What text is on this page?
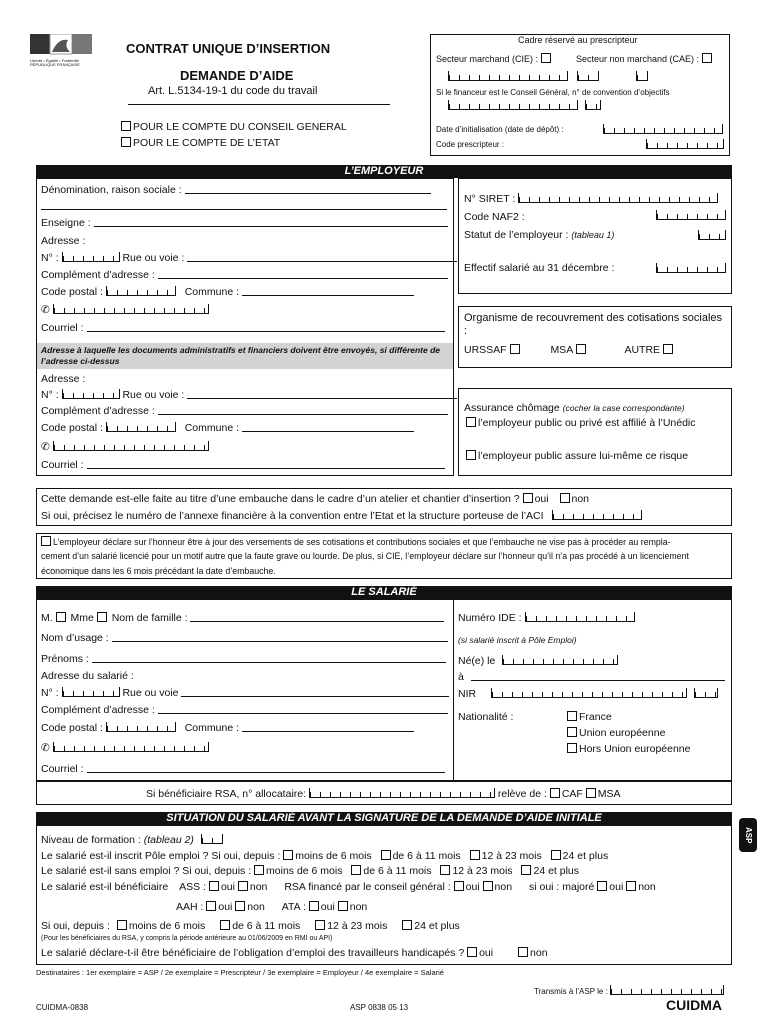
Liberté • Égalité • Fraternité RÉPUBLIQUE FRANÇAISE
CONTRAT UNIQUE D’INSERTION
DEMANDE D’AIDE
Art. L.5134-19-1 du code du travail
POUR LE COMPTE DU CONSEIL GENERAL
POUR LE COMPTE DE L’ETAT
Cadre réservé au prescripteur
Secteur marchand (CIE) :	Secteur non marchand (CAE) :

Si le financeur est le Conseil Général, n° de convention d’objectifs

Date d’initialisation (date de dépôt) :
Code prescripteur :
L’EMPLOYEUR
Dénomination, raison sociale :
Enseigne :
Adresse :
N° :	Rue ou voie :
Complément d’adresse :
Code postal :	Commune :
✆
Courriel :
Adresse à laquelle les documents administratifs et financiers doivent être envoyés, si différente de l’adresse ci-dessus
Adresse :
N° :	Rue ou voie :
Complément d’adresse :
Code postal :	Commune :
✆
Courriel :
N° SIRET :
Code NAF2 :
Statut de l’employeur : (tableau 1)
Effectif salarié au 31 décembre :
Organisme de recouvrement des cotisations sociales :
URSSAF	MSA	AUTRE
Assurance chômage (cocher la case correspondante)
l’employeur public ou privé est affilié à l’Unédic
l’employeur public assure lui-même ce risque
Cette demande est-elle faite au titre d’une embauche dans le cadre d’un atelier et chantier d’insertion ? oui non
Si oui, précisez le numéro de l’annexe financière à la convention entre l’Etat et la structure porteuse de l’ACI
L’employeur déclare sur l’honneur être à jour des versements de ses cotisations et contributions sociales et que l’embauche ne vise pas à procéder au rempla-
cement d’un salarié licencié pour un motif autre que la faute grave ou lourde. De plus, si CIE, l’employeur déclare sur l’honneur qu’il n’a pas procédé à un licenciement
économique dans les 6 mois précédant la date d’embauche.
LE SALARIÉ
M. Mme Nom de famille :
Nom d’usage :
Prénoms :
Adresse du salarié :
N° :	Rue ou voie
Complément d’adresse :
Code postal :	Commune :
✆
Courriel :
Numéro IDE :
(si salarié inscrit à Pôle Emploi)
Né(e) le
à
NIR
Nationalité :	France
Union européenne
Hors Union européenne
Si bénéficiaire RSA, n° allocataire:	relève de : CAF MSA
SITUATION DU SALARIÉ AVANT LA SIGNATURE DE LA DEMANDE D’AIDE INITIALE
Niveau de formation : (tableau 2)
Le salarié est-il inscrit Pôle emploi ? Si oui, depuis : moins de 6 mois de 6 à 11 mois 12 à 23 mois 24 et plus
Le salarié est-il sans emploi ? Si oui, depuis : moins de 6 mois de 6 à 11 mois 12 à 23 mois 24 et plus
Le salarié est-il bénéficiaire ASS : oui non RSA financé par le conseil général : oui non si oui : majoré oui non
AAH : oui non ATA : oui non
Si oui, depuis : moins de 6 mois	de 6 à 11 mois	12 à 23 mois	24 et plus
(Pour les bénéficiaires du RSA, y compris la période antérieure au 01/06/2009 en RMI ou API)
Le salarié déclare-t-il être bénéficiaire de l’obligation d’emploi des travailleurs handicapés ? oui	non
ASP
Destinataires : 1er exemplaire = ASP / 2e exemplaire = Prescripteur / 3e exemplaire = Employeur / 4e exemplaire = Salarié
Transmis à l’ASP le :
CUIDMA-0838	ASP 0838 05 13	CUIDMA
